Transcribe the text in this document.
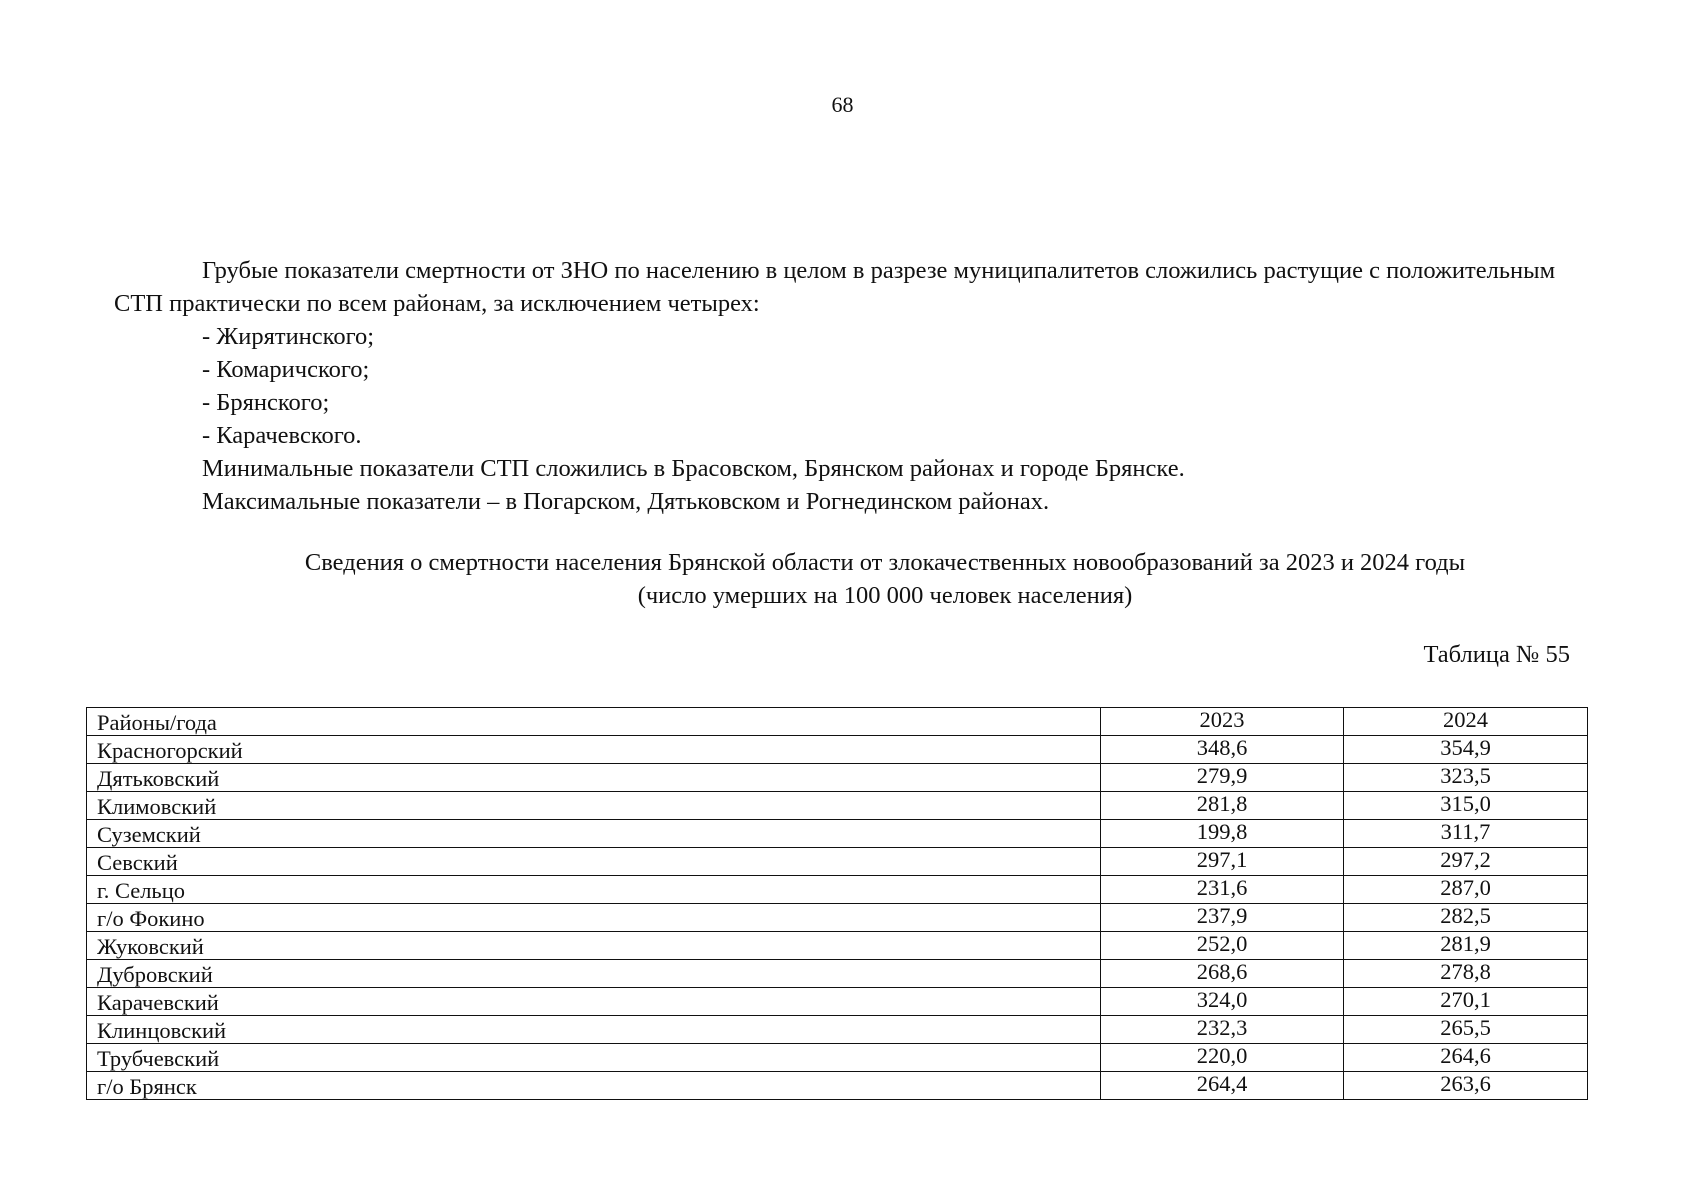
68

Грубые показатели смертности от ЗНО по населению в целом в разрезе муниципалитетов сложились растущие с положительным СТП практически по всем районам, за исключением четырех:

- Жирятинского;

- Комаричского;

- Брянского;

- Карачевского.

Минимальные показатели СТП сложились в Брасовском, Брянском районах и городе Брянске.

Максимальные показатели – в Погарском, Дятьковском и Рогнединском районах.

Сведения о смертности населения Брянской области от злокачественных новообразований за 2023 и 2024 годы
(число умерших на 100 000 человек населения)
Таблица № 55
Районы/года	2023	2024
Красногорский	348,6	354,9
Дятьковский	279,9	323,5
Климовский	281,8	315,0
Суземский	199,8	311,7
Севский	297,1	297,2
г. Сельцо	231,6	287,0
г/о Фокино	237,9	282,5
Жуковский	252,0	281,9
Дубровский	268,6	278,8
Карачевский	324,0	270,1
Клинцовский	232,3	265,5
Трубчевский	220,0	264,6
г/о Брянск	264,4	263,6
